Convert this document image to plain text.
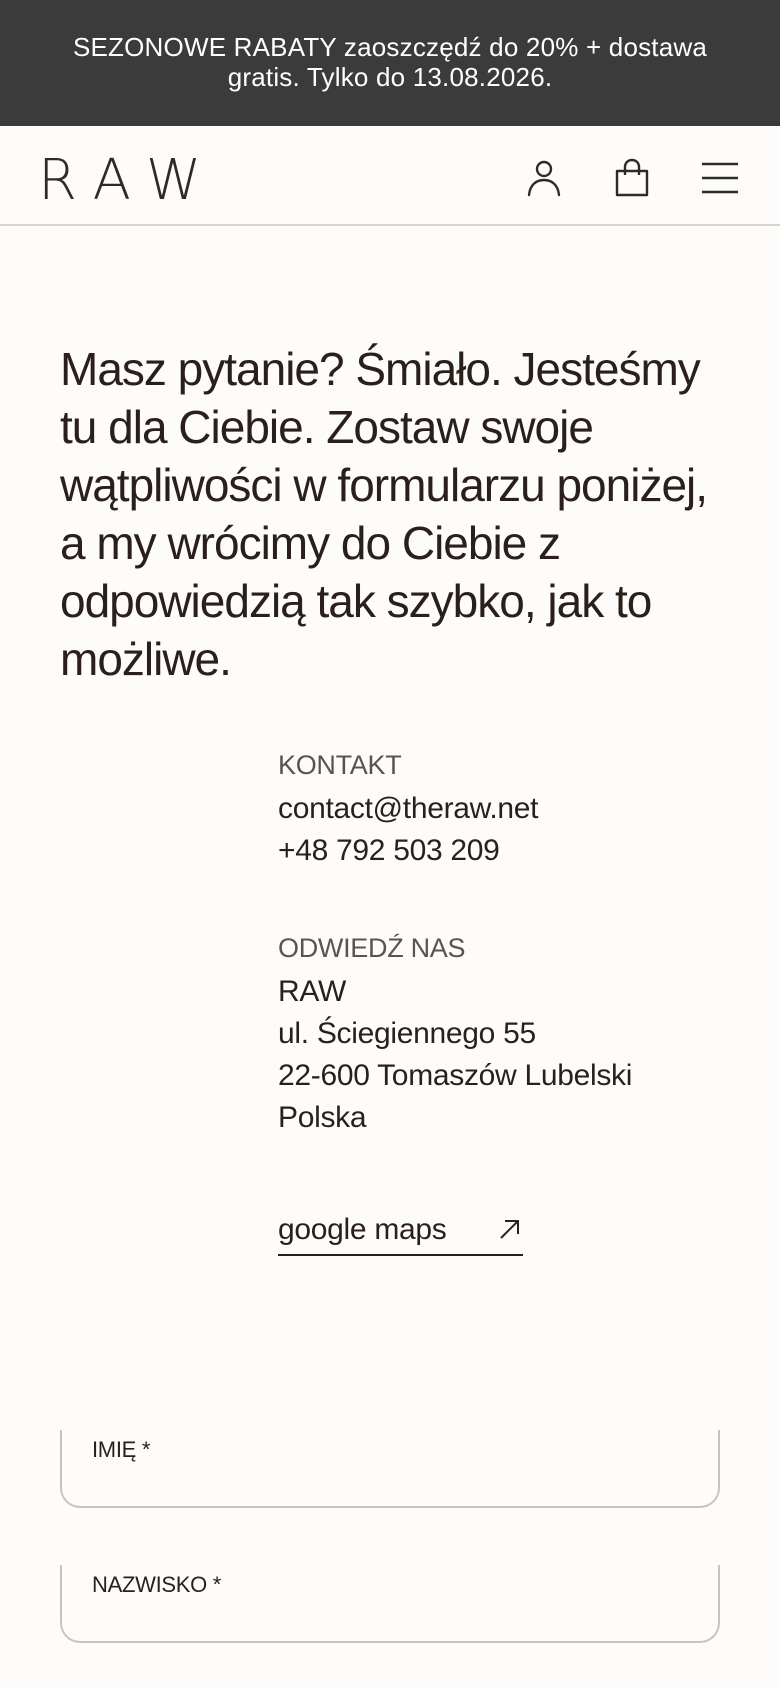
SEZONOWE RABATY zaoszczędź do 20% + dostawa
gratis. Tylko do 13.08.2026.
RAW

Masz pytanie? Śmiało. Jesteśmy tu dla Ciebie. Zostaw swoje wątpliwości w formularzu poniżej, a my wrócimy do Ciebie z odpowiedzią tak szybko, jak to możliwe.

KONTAKT
contact@theraw.net
+48 792 503 209
ODWIEDŹ NAS
RAW
ul. Ściegiennego 55
22-600 Tomaszów Lubelski
Polska
google maps
IMIĘ *
NAZWISKO *
